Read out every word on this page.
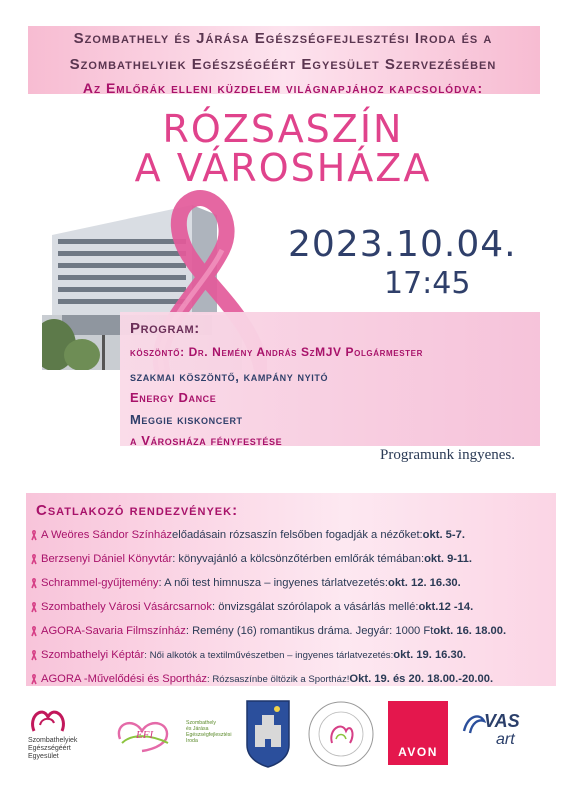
Szombathely és Járása Egészségfejlesztési Iroda és a
Szombathelyiek Egészségéért Egyesület Szervezésében
Az Emlőrák elleni küzdelem világnapjához kapcsolódva:
RÓZSASZÍN
A VÁROSHÁZA
2023.10.04.
17:45
Program:
köszöntő: Dr. Nemény András SzMJV Polgármester
szakmai köszöntő, kampány nyitó
Energy Dance
Meggie kiskoncert
a Városháza fényfestése
Programunk ingyenes.
Csatlakozó rendezvények:
A Weöres Sándor Színház előadásain rózsaszín felsőben fogadják a nézőket: okt. 5-7.
Berzsenyi Dániel Könyvtár : könyvajánló a kölcsönzőtérben emlőrák témában: okt. 9-11.
Schrammel-gyűjtemény : A női test himnusza – ingyenes tárlatvezetés: okt. 12. 16.30.
Szombathely Városi Vásárcsarnok : önvizsgálat szórólapok a vásárlás mellé: okt.12 -14.
AGORA-Savaria Filmszínház : Remény (16) romantikus dráma. Jegyár: 1000 Ft okt. 16. 18.00.
Szombathelyi Képtár : Női alkotók a textilművészetben – ingyenes tárlatvezetés: okt. 19. 16.30.
AGORA -Művelődési és Sportház : Rózsaszínbe öltözik a Sportház! Okt. 19. és 20. 18.00.-20.00.
Szombathelyiek
Egészségéért
Egyesület
EFI
Szombathely
és Járása
Egészségfejlesztési
Iroda
AVON
VAS
art
